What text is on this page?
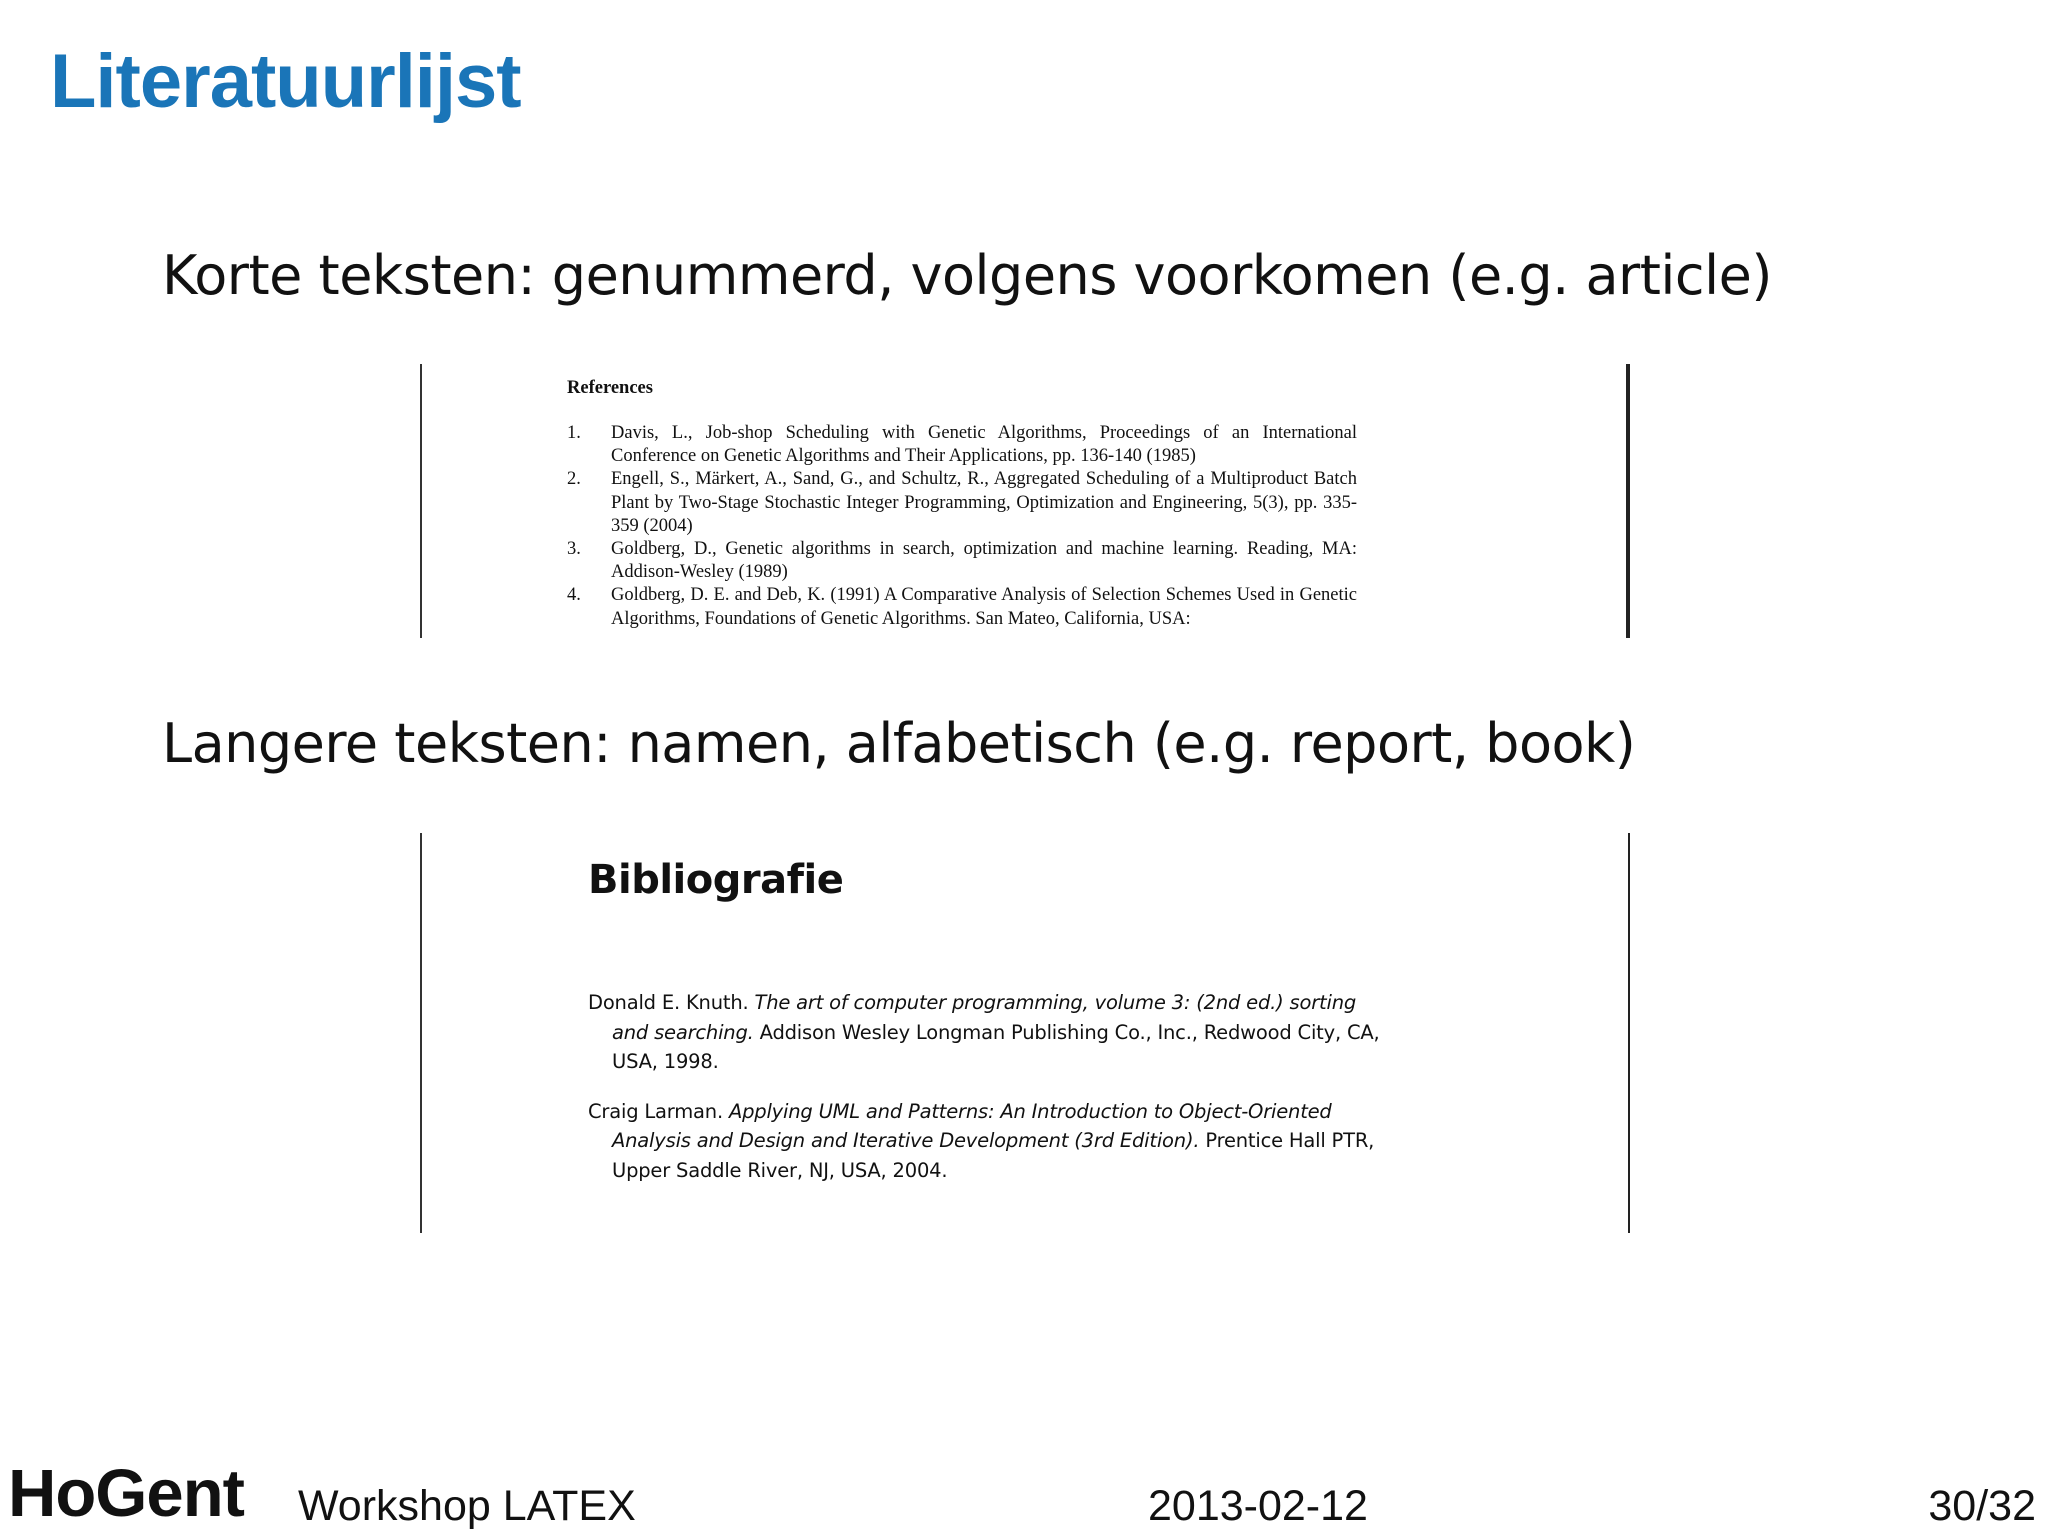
Literatuurlijst

Korte teksten: genummerd, volgens voorkomen (e.g. article)

References
1. Davis, L., Job-shop Scheduling with Genetic Algorithms, Proceedings of an International Conference on Genetic Algorithms and Their Applications, pp. 136-140 (1985)
2. Engell, S., Märkert, A., Sand, G., and Schultz, R., Aggregated Scheduling of a Multiproduct Batch Plant by Two-Stage Stochastic Integer Programming, Optimization and Engineering, 5(3), pp. 335-359 (2004)
3. Goldberg, D., Genetic algorithms in search, optimization and machine learning. Reading, MA: Addison-Wesley (1989)
4. Goldberg, D. E. and Deb, K. (1991) A Comparative Analysis of Selection Schemes Used in Genetic Algorithms, Foundations of Genetic Algorithms. San Mateo, California, USA:

Langere teksten: namen, alfabetisch (e.g. report, book)

Bibliografie
Donald E. Knuth. The art of computer programming, volume 3: (2nd ed.) sorting and searching. Addison Wesley Longman Publishing Co., Inc., Redwood City, CA, USA, 1998.
Craig Larman. Applying UML and Patterns: An Introduction to Object-Oriented Analysis and Design and Iterative Development (3rd Edition). Prentice Hall PTR, Upper Saddle River, NJ, USA, 2004.
HoGent Workshop LATEX	2013-02-12	30/32
